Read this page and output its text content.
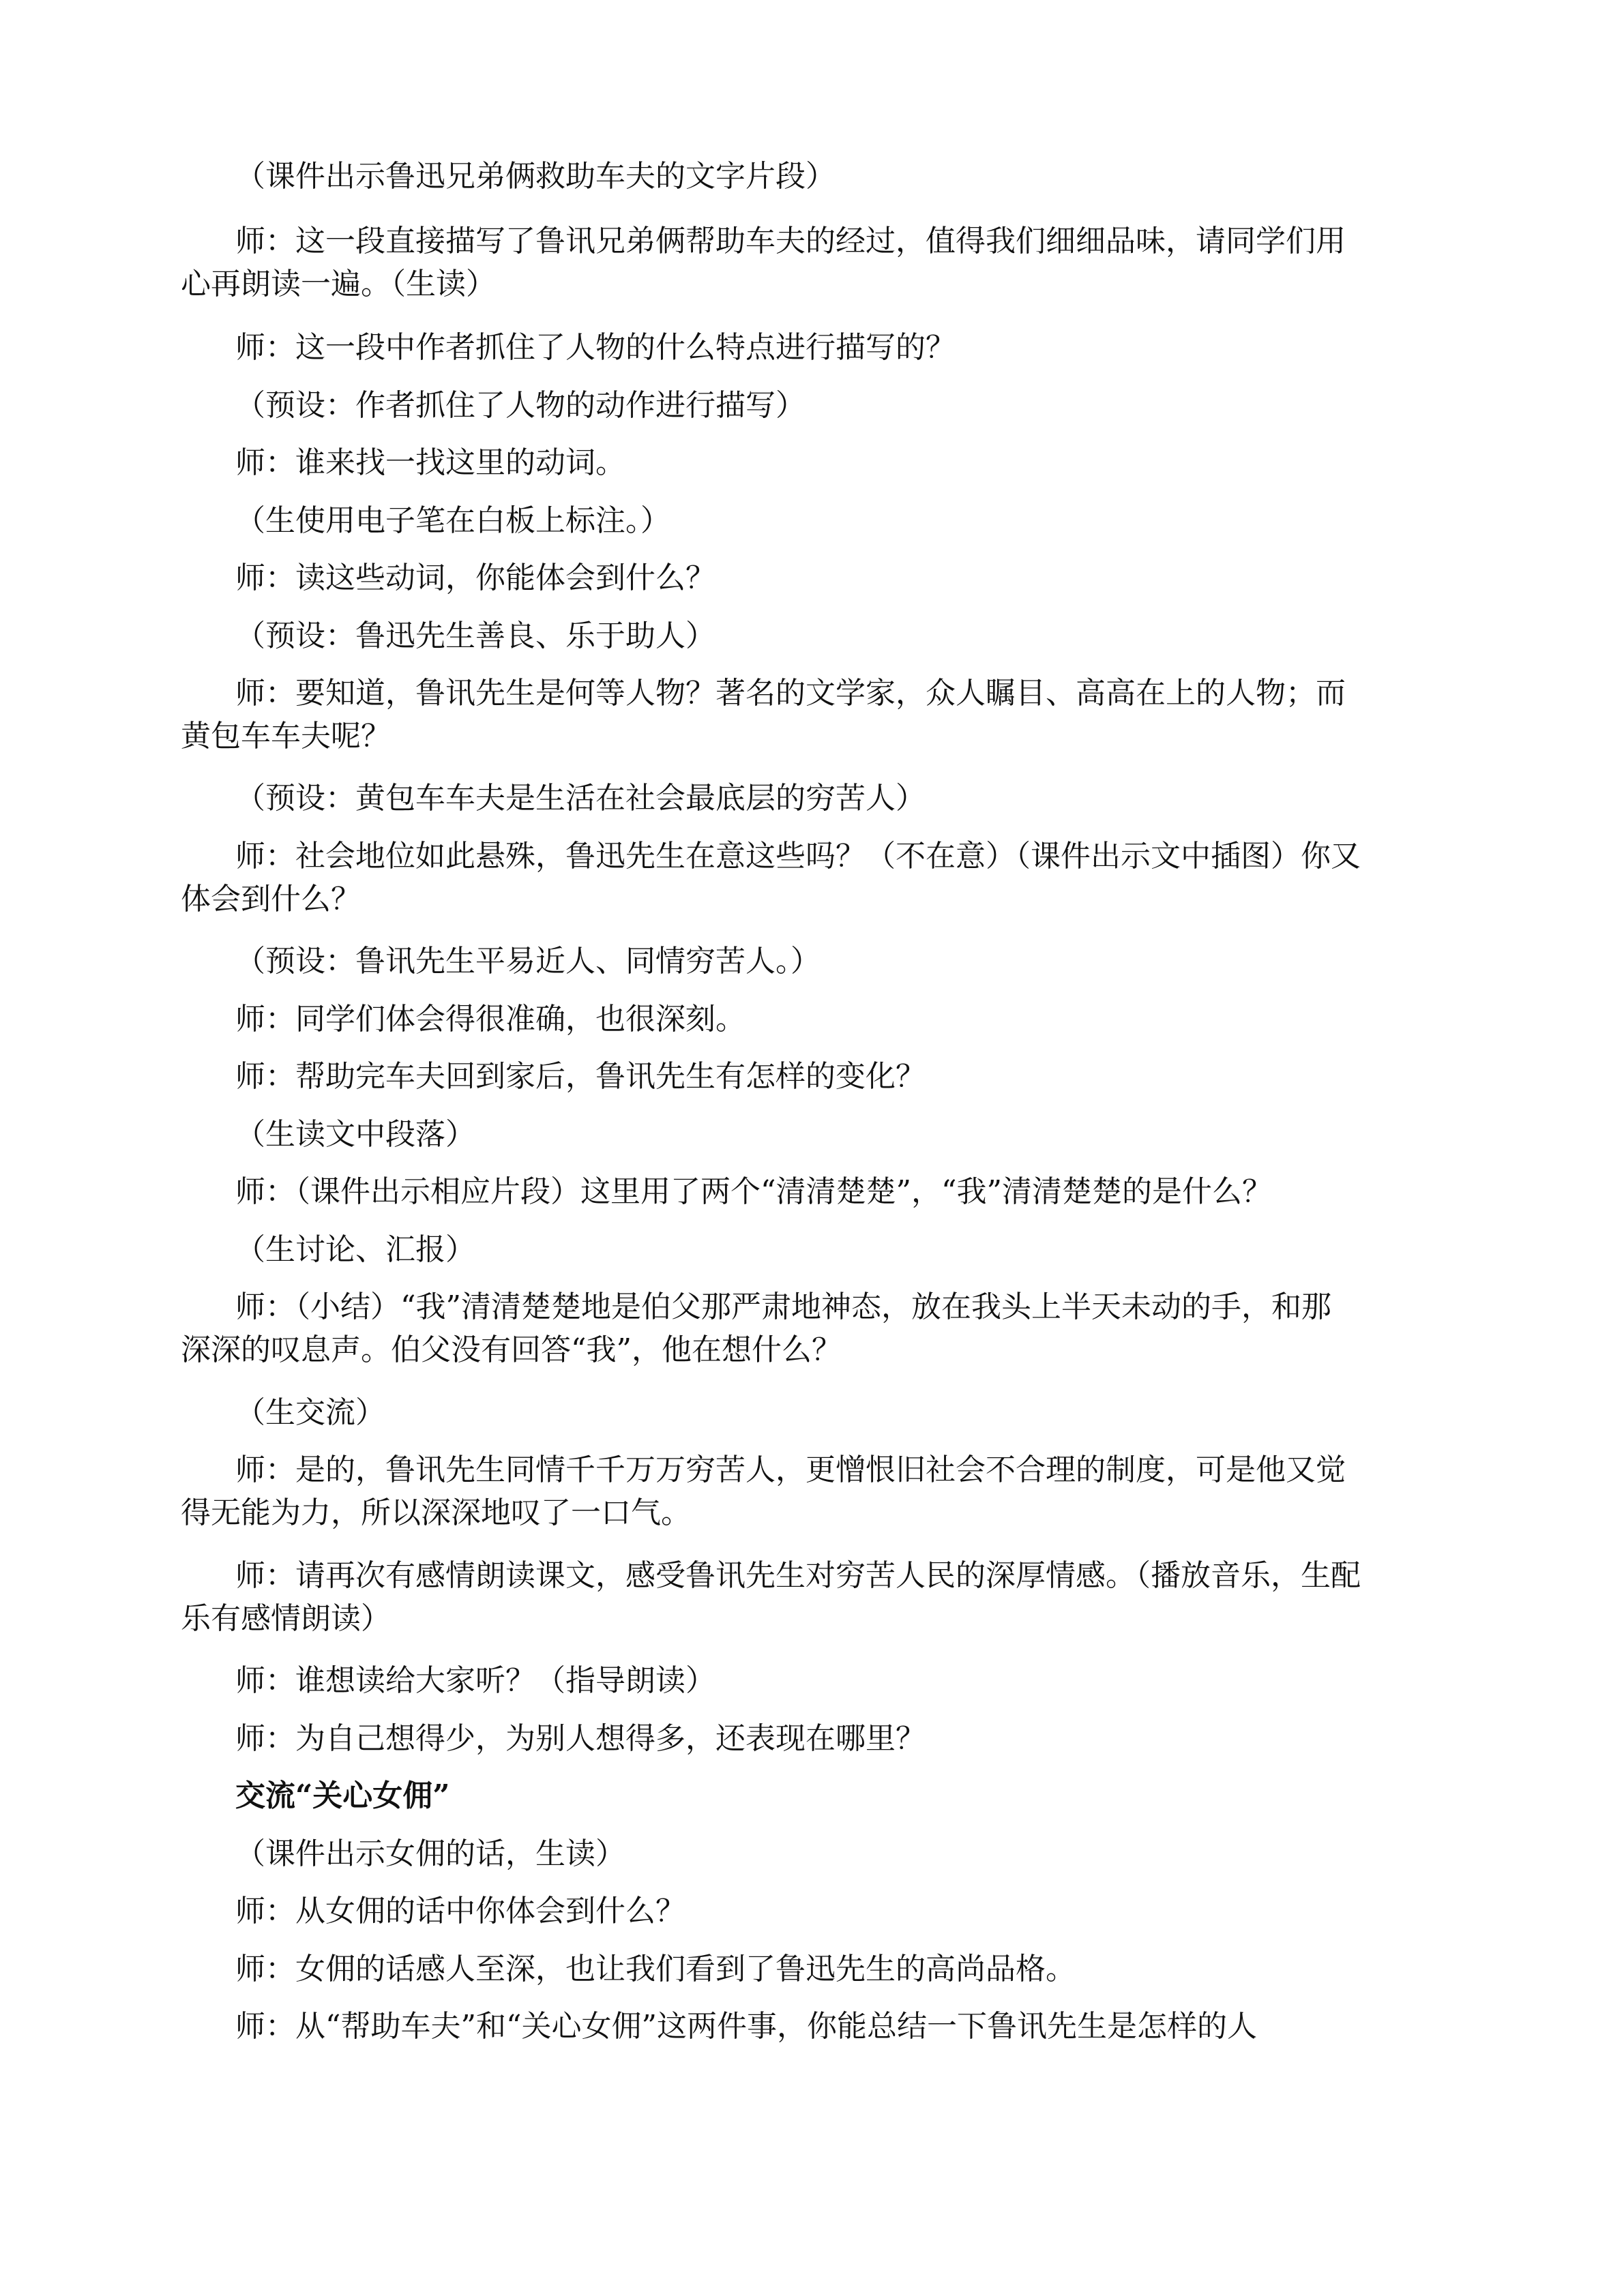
（课件出示鲁迅兄弟俩救助车夫的文字片段）

师：这一段直接描写了鲁讯兄弟俩帮助车夫的经过，值得我们细细品味，请同学们用

心再朗读一遍。（生读）

师：这一段中作者抓住了人物的什么特点进行描写的？

（预设：作者抓住了人物的动作进行描写）

师：谁来找一找这里的动词。

（生使用电子笔在白板上标注。）

师：读这些动词，你能体会到什么？

（预设：鲁迅先生善良、乐于助人）

师：要知道，鲁讯先生是何等人物？著名的文学家，众人瞩目、高高在上的人物；而

黄包车车夫呢？

（预设：黄包车车夫是生活在社会最底层的穷苦人）

师：社会地位如此悬殊，鲁迅先生在意这些吗？（不在意）（课件出示文中插图）你又

体会到什么？

（预设：鲁讯先生平易近人、同情穷苦人。）

师：同学们体会得很准确，也很深刻。

师：帮助完车夫回到家后，鲁讯先生有怎样的变化？

（生读文中段落）

师：（课件出示相应片段）这里用了两个“清清楚楚”，“我”清清楚楚的是什么？

（生讨论、汇报）

师：（小结）“我”清清楚楚地是伯父那严肃地神态，放在我头上半天未动的手，和那

深深的叹息声。伯父没有回答“我”，他在想什么？

（生交流）

师：是的，鲁讯先生同情千千万万穷苦人，更憎恨旧社会不合理的制度，可是他又觉

得无能为力，所以深深地叹了一口气。

师：请再次有感情朗读课文，感受鲁讯先生对穷苦人民的深厚情感。（播放音乐，生配

乐有感情朗读）

师：谁想读给大家听？（指导朗读）

师：为自己想得少，为别人想得多，还表现在哪里？

交流“关心女佣”

（课件出示女佣的话，生读）

师：从女佣的话中你体会到什么？

师：女佣的话感人至深，也让我们看到了鲁迅先生的高尚品格。

师：从“帮助车夫”和“关心女佣”这两件事，你能总结一下鲁讯先生是怎样的人
